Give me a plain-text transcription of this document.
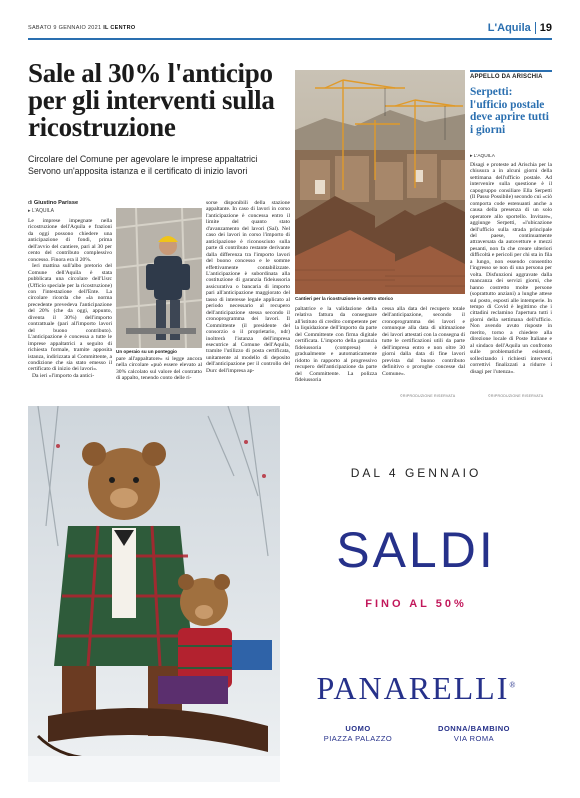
SABATO 9 GENNAIO 2021 IL CENTRO	L'Aquila 19
Sale al 30% l'anticipo per gli interventi sulla ricostruzione
Circolare del Comune per agevolare le imprese appaltatrici
Servono un'apposita istanza e il certificato di inizio lavori
Cantieri per la ricostruzione in centro storico
di Giustino Parisse
▸ L'AQUILA

Le imprese impegnate nella ricostruzione dell'Aquila e frazioni da oggi possono chiedere una anticipazione di fondi, prima dell'avvio del cantiere, pari al 30 per cento del contributo complessivo concesso. Finora era il 20%.

Ieri mattina sull'albo pretorio del Comune dell'Aquila è stata pubblicata una circolare dell'Usrc (Ufficio speciale per la ricostruzione) con l'intestazione dell'Ente. La circolare ricorda che «la norma precedente prevedeva l'anticipazione del 20% (che da oggi, appunto, diventa il 30%) dell'importo contrattuale (pari all'importo lavori del buono contributo). L'anticipazione è concessa a tutte le imprese appaltatrici a seguito di richiesta formale, tramite apposita istanza, indirizzata al Committente, a condizione che sia stato emesso il certificato di inizio dei lavori».

Da ieri «l'importo da antici-

Un operaio su un ponteggio

pare all'appaltatore» si legge ancora nella circolare «può essere elevato al 30% calcolato sul valore del contratto di appalto, tenendo conto delle ri-

sorse disponibili della stazione appaltante. In caso di lavori in corso l'anticipazione è concessa entro il limite del quanto stato d'avanzamento del lavori (Sal). Nel caso dei lavori in corso l'importo di anticipazione è riconosciuto sulla parte di contributo restante derivante dalla differenza tra l'importo lavori del buono concesso e le somme effettivamente contabilizzate. L'anticipazione è subordinata alla costituzione di garanzia fideiussoria assicurativa o bancaria di importo pari all'anticipazione maggiorato del tasso di interesse legale applicato al periodo necessario al recupero dell'anticipazione stessa secondo il cronoprogramma dei lavori. Il Committente (il presidente del consorzio o il proprietario, ndr) inoltrerà l'istanza dell'impresa esecutrice al Comune dell'Aquila, tramite l'utilizzo di posta certificata, unitamente al modello di deposito dell'anticipazione per il controllo del Durc dell'impresa ap-

paltatrice e la validazione della relativa fattura da consegnare all'istituto di credito competente per la liquidazione dell'importo da parte del Committente con firma digitale certificata. L'importo della garanzia fideiussoria (compresa) è gradualmente e automaticamente ridotto in rapporto al progressivo recupero dell'anticipazione da parte del Committente. La polizza fideiussoria

cessa alla data del recupero totale dell'anticipazione, secondo il cronoprogramma dei lavori e comunque alla data di ultimazione dei lavori attestati con la consegna di tutte le certificazioni utili da parte dell'impresa entro e non oltre 30 giorni dalla data di fine lavori prevista dal buono contributo definitivo o proroghe concesse dal Comune».

©RIPRODUZIONE RISERVATA
APPELLO DA ARISCHIA
Serpetti: l'ufficio postale deve aprire tutti i giorni
▸ L'AQUILA
Disagi e proteste ad Arischia per la chiusura a in alcuni giorni della settimana dell'ufficio postale. Ad intervenire sulla questione è il capogruppo consiliare Ella Serpetti (Il Passo Possibile) secondo cui «ciò comporta code estenuanti anche a causa della presenza di un solo operatore allo sportello. Invitare», aggiunge Serpetti, «l'ubicazione dell'ufficio sulla strada principale del paese, continuamente attraversata da autovetture e mezzi pesanti, non fa che creare ulteriori difficoltà e pericoli per chi sta in fila a lungo, non essendo consentito l'ingresso se non di una persona per volta. Disfunzioni aggravate dalla mancanza dei servizi giorni, che hanno costretto molte persone (soprattutto anziani) a lunghe attese sul posto, esposti alle intemperie. In tempo di Covid è legittimo che i cittadini reclamino l'apertura tutti i giorni della settimana dell'ufficio. Non avendo avuto risposte in merito, torno a chiedere alla direzione locale di Poste Italiane e al sindaco dell'Aquila un confronto sulle problematiche esistenti, sollecitando i richiesti interventi correttivi finalizzati a ridurre i disagi per l'utenza».
©RIPRODUZIONE RISERVATA
DAL 4 GENNAIO
SALDI
FINO AL 50%
PANARELLI®
UOMO
PIAZZA PALAZZO
DONNA/BAMBINO
VIA ROMA
